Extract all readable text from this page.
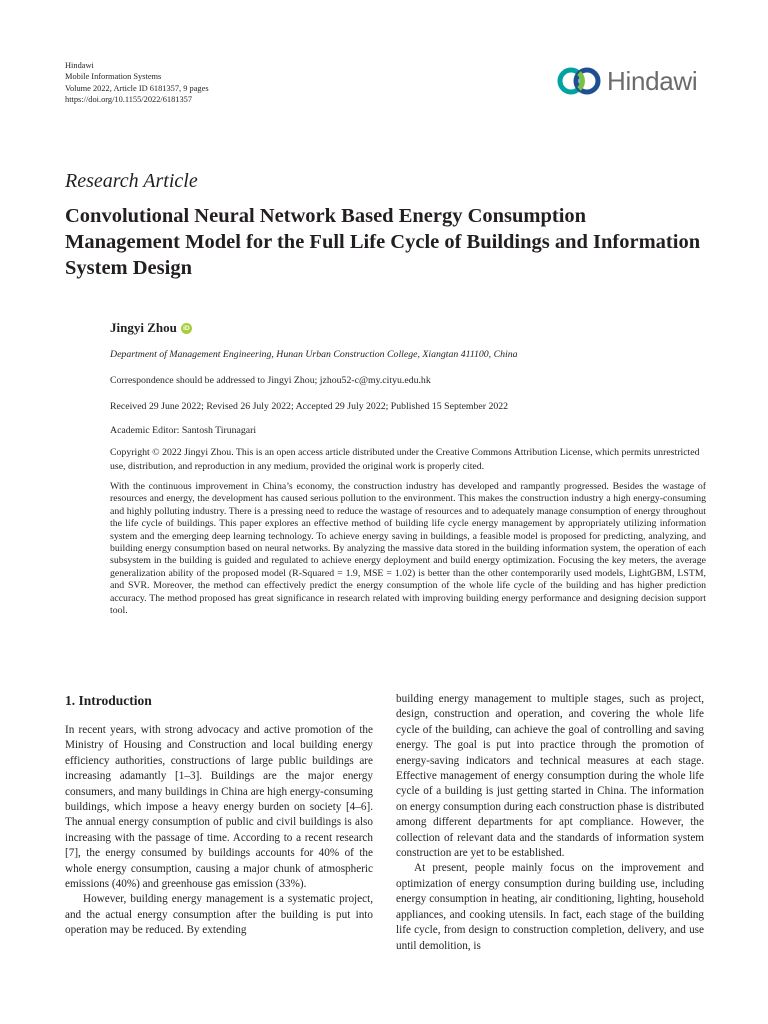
Hindawi
Mobile Information Systems
Volume 2022, Article ID 6181357, 9 pages
https://doi.org/10.1155/2022/6181357
Hindawi
Research Article
Convolutional Neural Network Based Energy Consumption Management Model for the Full Life Cycle of Buildings and Information System Design
Jingyi Zhou iD
Department of Management Engineering, Hunan Urban Construction College, Xiangtan 411100, China
Correspondence should be addressed to Jingyi Zhou; jzhou52-c@my.cityu.edu.hk
Received 29 June 2022; Revised 26 July 2022; Accepted 29 July 2022; Published 15 September 2022
Academic Editor: Santosh Tirunagari

Copyright © 2022 Jingyi Zhou. This is an open access article distributed under the Creative Commons Attribution License, which permits unrestricted use, distribution, and reproduction in any medium, provided the original work is properly cited.

With the continuous improvement in China’s economy, the construction industry has developed and rampantly progressed. Besides the wastage of resources and energy, the development has caused serious pollution to the environment. This makes the construction industry a high energy-consuming and highly polluting industry. There is a pressing need to reduce the wastage of resources and to adequately manage consumption of energy throughout the life cycle of buildings. This paper explores an effective method of building life cycle energy management by appropriately utilizing information system and the emerging deep learning technology. To achieve energy saving in buildings, a feasible model is proposed for predicting, analyzing, and building energy consumption based on neural networks. By analyzing the massive data stored in the building information system, the operation of each subsystem in the building is guided and regulated to achieve energy deployment and build energy optimization. Focusing the key meters, the average generalization ability of the proposed model (R-Squared = 1.9, MSE = 1.02) is better than the other contemporarily used models, LightGBM, LSTM, and SVR. Moreover, the method can effectively predict the energy consumption of the whole life cycle of the building and has higher prediction accuracy. The method proposed has great significance in research related with improving building energy performance and designing decision support tool.

1. Introduction

In recent years, with strong advocacy and active promotion of the Ministry of Housing and Construction and local building energy efficiency authorities, constructions of large public buildings are increasing adamantly [1–3]. Buildings are the major energy consumers, and many buildings in China are high energy-consuming buildings, which impose a heavy energy burden on society [4–6]. The annual energy consumption of public and civil buildings is also increasing with the passage of time. According to a recent research [7], the energy consumed by buildings accounts for 40% of the whole energy consumption, causing a major chunk of atmospheric emissions (40%) and greenhouse gas emission (33%).

However, building energy management is a systematic project, and the actual energy consumption after the building is put into operation may be reduced. By extending

building energy management to multiple stages, such as project, design, construction and operation, and covering the whole life cycle of the building, can achieve the goal of controlling and saving energy. The goal is put into practice through the promotion of energy-saving indicators and technical measures at each stage. Effective management of energy consumption during the whole life cycle of a building is just getting started in China. The information on energy consumption during each construction phase is distributed among different departments for apt compliance. However, the collection of relevant data and the standards of information system construction are yet to be established.

At present, people mainly focus on the improvement and optimization of energy consumption during building use, including energy consumption in heating, air conditioning, lighting, household appliances, and cooking utensils. In fact, each stage of the building life cycle, from design to construction completion, delivery, and use until demolition, is
